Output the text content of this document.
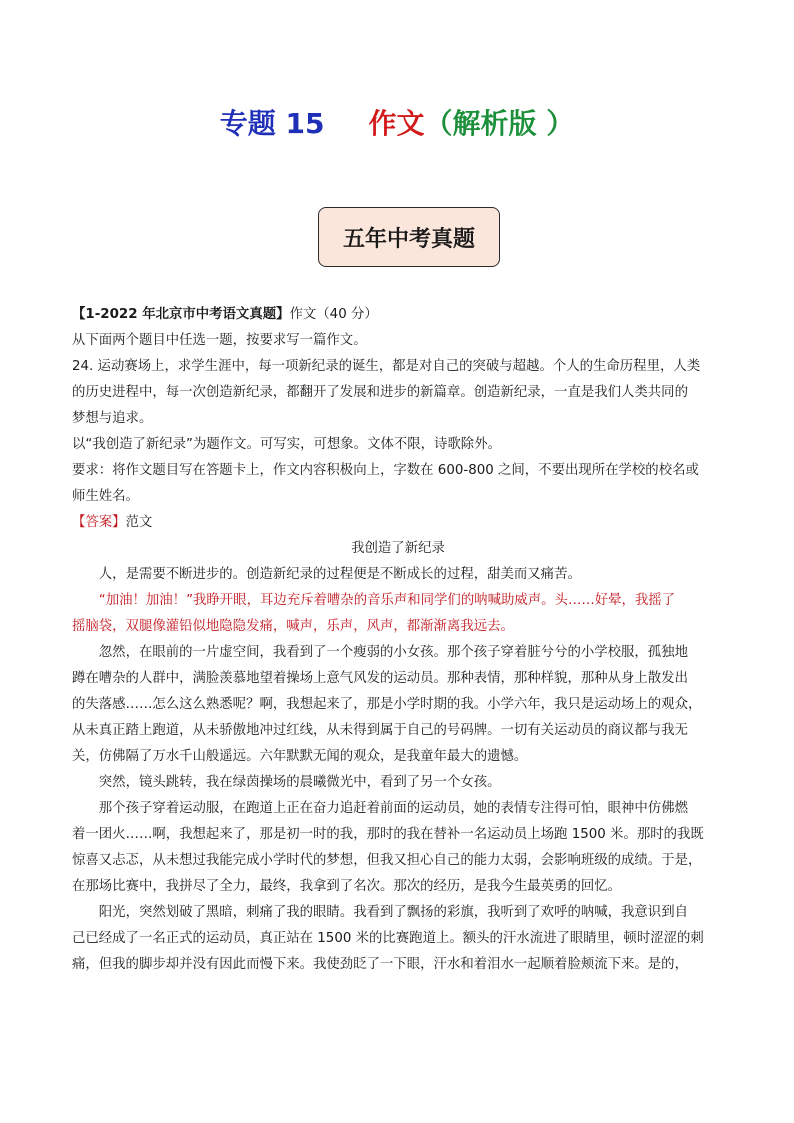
专题 15 作文（解析版 ）
五年中考真题

【1-2022 年北京市中考语文真题】作文（40 分）

从下面两个题目中任选一题，按要求写一篇作文。

24. 运动赛场上，求学生涯中，每一项新纪录的诞生，都是对自己的突破与超越。个人的生命历程里，人类

的历史进程中，每一次创造新纪录，都翻开了发展和进步的新篇章。创造新纪录，一直是我们人类共同的

梦想与追求。

以“我创造了新纪录”为题作文。可写实，可想象。文体不限，诗歌除外。

要求：将作文题目写在答题卡上，作文内容积极向上，字数在 600-800 之间，不要出现所在学校的校名或

师生姓名。

【答案】范文

我创造了新纪录

人，是需要不断进步的。创造新纪录的过程便是不断成长的过程，甜美而又痛苦。

“加油！加油！”我睁开眼，耳边充斥着嘈杂的音乐声和同学们的呐喊助威声。头……好晕，我摇了

摇脑袋，双腿像灌铅似地隐隐发痛，喊声，乐声，风声，都渐渐离我远去。

忽然，在眼前的一片虚空间，我看到了一个瘦弱的小女孩。那个孩子穿着脏兮兮的小学校服，孤独地

蹲在嘈杂的人群中，满脸羡慕地望着操场上意气风发的运动员。那种表情，那种样貌，那种从身上散发出

的失落感……怎么这么熟悉呢？啊，我想起来了，那是小学时期的我。小学六年，我只是运动场上的观众，

从未真正踏上跑道，从未骄傲地冲过红线，从未得到属于自己的号码牌。一切有关运动员的商议都与我无

关，仿佛隔了万水千山般遥远。六年默默无闻的观众，是我童年最大的遗憾。

突然，镜头跳转，我在绿茵操场的晨曦微光中，看到了另一个女孩。

那个孩子穿着运动服，在跑道上正在奋力追赶着前面的运动员，她的表情专注得可怕，眼神中仿佛燃

着一团火……啊，我想起来了，那是初一时的我，那时的我在替补一名运动员上场跑 1500 米。那时的我既

惊喜又忐忑，从未想过我能完成小学时代的梦想，但我又担心自己的能力太弱，会影响班级的成绩。于是，

在那场比赛中，我拼尽了全力，最终，我拿到了名次。那次的经历，是我今生最英勇的回忆。

阳光，突然划破了黑暗，刺痛了我的眼睛。我看到了飘扬的彩旗，我听到了欢呼的呐喊，我意识到自

己已经成了一名正式的运动员，真正站在 1500 米的比赛跑道上。额头的汗水流进了眼睛里，顿时涩涩的刺

痛，但我的脚步却并没有因此而慢下来。我使劲眨了一下眼，汗水和着泪水一起顺着脸颊流下来。是的，
